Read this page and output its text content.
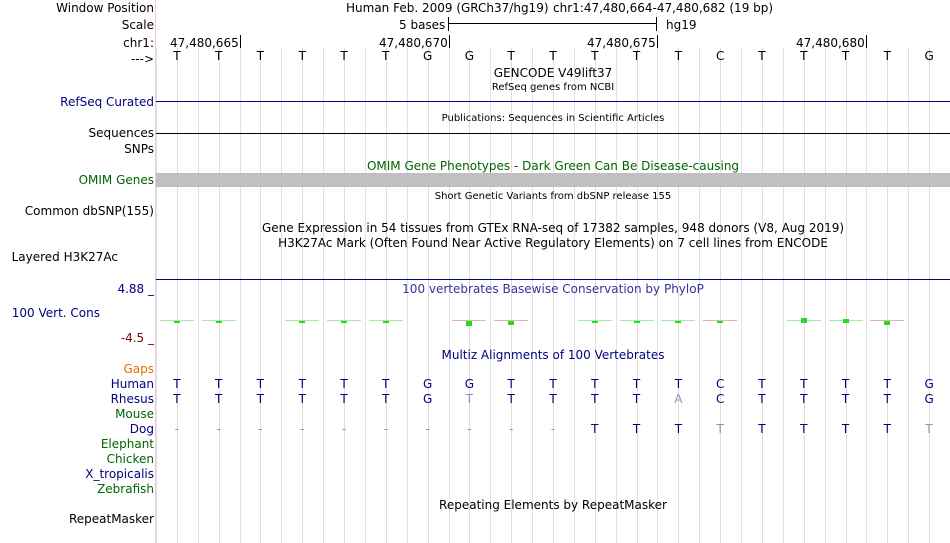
Window Position
Scale
chr1:
--->
RefSeq Curated
Sequences
SNPs
OMIM Genes
Common dbSNP(155)
Layered H3K27Ac
4.88 _
100 Vert. Cons
-4.5 _
Gaps
Human
Rhesus
Mouse
Dog
Elephant
Chicken
X_tropicalis
Zebrafish
RepeatMasker
Human Feb. 2009 (GRCh37/hg19) chr1:47,480,664-47,480,682 (19 bp)
5 bases	hg19
47,480,665	47,480,670	47,480,675	47,480,680
T	T	T	T	T	T	G	G	T	T	T	T	T	C	T	T	T	T	G
GENCODE V49lift37
RefSeq genes from NCBI
Publications: Sequences in Scientific Articles
OMIM Gene Phenotypes - Dark Green Can Be Disease-causing
Short Genetic Variants from dbSNP release 155
Gene Expression in 54 tissues from GTEx RNA-seq of 17382 samples, 948 donors (V8, Aug 2019)
H3K27Ac Mark (Often Found Near Active Regulatory Elements) on 7 cell lines from ENCODE
100 vertebrates Basewise Conservation by PhyloP
Multiz Alignments of 100 Vertebrates
T	T	T	T	T	T	G	G	T	T	T	T	T	C	T	T	T	T	G
T	T	T	T	T	T	G	T	T	T	T	T	A	C	T	T	T	T	G
-	-	-	-	-	-	-	-	-	-	T	T	T	T	T	T	T	T	T
Repeating Elements by RepeatMasker
